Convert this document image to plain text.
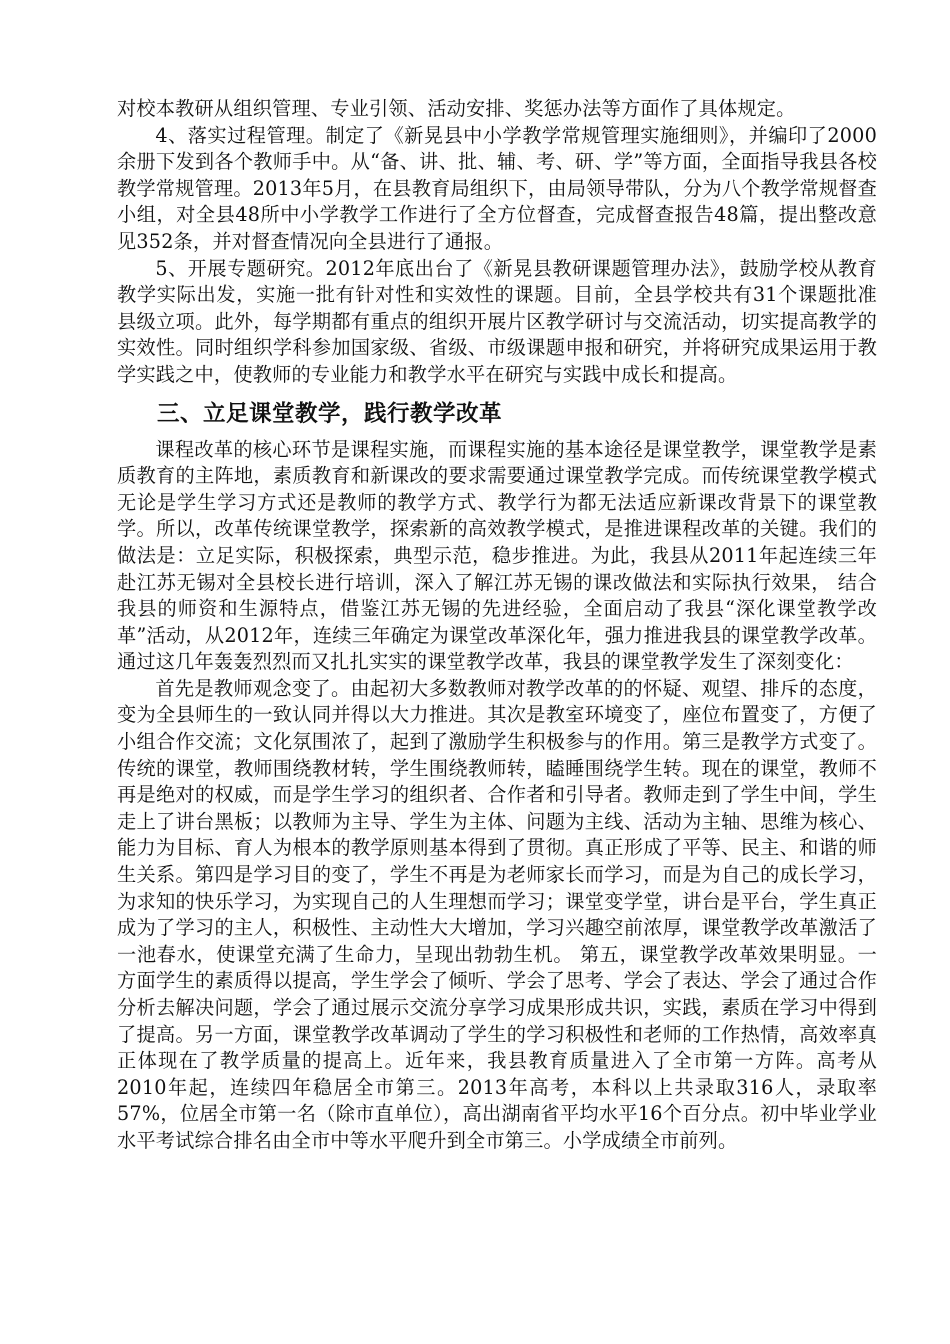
对校本教研从组织管理、专业引领、活动安排、奖惩办法等方面作了具体规定。

4、落实过程管理。制定了《新晃县中小学教学常规管理实施细则》，并编印了2000余册下发到各个教师手中。从“备、讲、批、辅、考、研、学”等方面，全面指导我县各校教学常规管理。2013年5月，在县教育局组织下，由局领导带队，分为八个教学常规督查小组，对全县48所中小学教学工作进行了全方位督查，完成督查报告48篇，提出整改意见352条，并对督查情况向全县进行了通报。

5、开展专题研究。2012年底出台了《新晃县教研课题管理办法》，鼓励学校从教育教学实际出发，实施一批有针对性和实效性的课题。目前，全县学校共有31个课题批准县级立项。此外，每学期都有重点的组织开展片区教学研讨与交流活动，切实提高教学的实效性。同时组织学科参加国家级、省级、市级课题申报和研究，并将研究成果运用于教学实践之中，使教师的专业能力和教学水平在研究与实践中成长和提高。

三、立足课堂教学，践行教学改革

课程改革的核心环节是课程实施，而课程实施的基本途径是课堂教学，课堂教学是素质教育的主阵地，素质教育和新课改的要求需要通过课堂教学完成。而传统课堂教学模式无论是学生学习方式还是教师的教学方式、教学行为都无法适应新课改背景下的课堂教学。所以，改革传统课堂教学，探索新的高效教学模式，是推进课程改革的关键。我们的做法是：立足实际，积极探索，典型示范，稳步推进。为此，我县从2011年起连续三年赴江苏无锡对全县校长进行培训，深入了解江苏无锡的课改做法和实际执行效果， 结合我县的师资和生源特点，借鉴江苏无锡的先进经验，全面启动了我县“深化课堂教学改革”活动，从2012年，连续三年确定为课堂改革深化年，强力推进我县的课堂教学改革。通过这几年轰轰烈烈而又扎扎实实的课堂教学改革，我县的课堂教学发生了深刻变化：

首先是教师观念变了。由起初大多数教师对教学改革的的怀疑、观望、排斥的态度，变为全县师生的一致认同并得以大力推进。其次是教室环境变了，座位布置变了，方便了小组合作交流；文化氛围浓了，起到了激励学生积极参与的作用。第三是教学方式变了。传统的课堂，教师围绕教材转，学生围绕教师转，瞌睡围绕学生转。现在的课堂，教师不再是绝对的权威，而是学生学习的组织者、合作者和引导者。教师走到了学生中间，学生走上了讲台黑板；以教师为主导、学生为主体、问题为主线、活动为主轴、思维为核心、能力为目标、育人为根本的教学原则基本得到了贯彻。真正形成了平等、民主、和谐的师生关系。第四是学习目的变了，学生不再是为老师家长而学习，而是为自己的成长学习，为求知的快乐学习，为实现自己的人生理想而学习；课堂变学堂，讲台是平台，学生真正成为了学习的主人，积极性、主动性大大增加，学习兴趣空前浓厚，课堂教学改革激活了一池春水，使课堂充满了生命力，呈现出勃勃生机。 第五，课堂教学改革效果明显。一方面学生的素质得以提高，学生学会了倾听、学会了思考、学会了表达、学会了通过合作分析去解决问题，学会了通过展示交流分享学习成果形成共识，实践，素质在学习中得到了提高。另一方面，课堂教学改革调动了学生的学习积极性和老师的工作热情，高效率真正体现在了教学质量的提高上。近年来，我县教育质量进入了全市第一方阵。高考从2010年起，连续四年稳居全市第三。2013年高考，本科以上共录取316人，录取率57%，位居全市第一名（除市直单位），高出湖南省平均水平16个百分点。初中毕业学业水平考试综合排名由全市中等水平爬升到全市第三。小学成绩全市前列。
